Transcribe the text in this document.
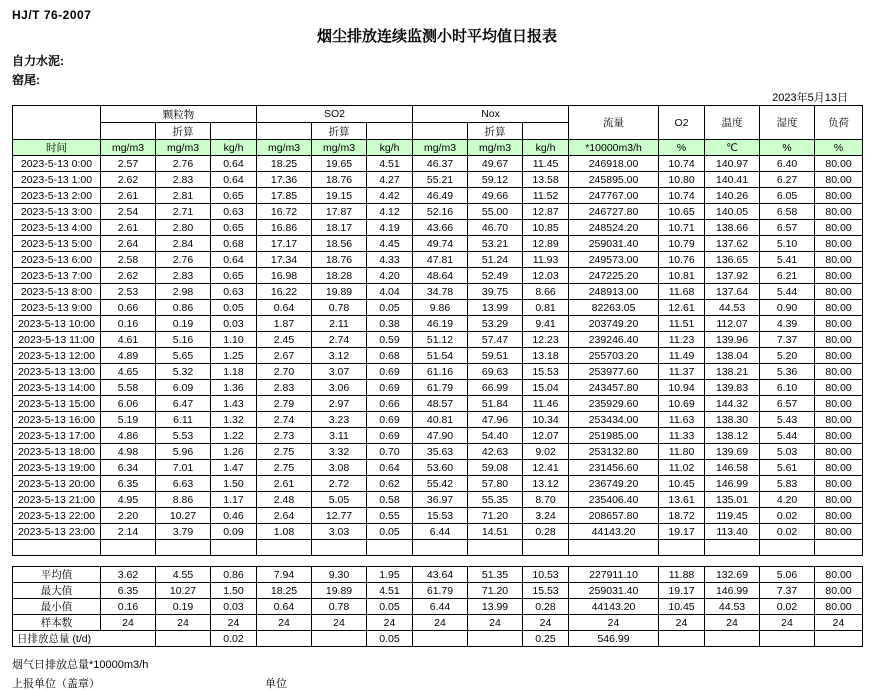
HJ/T 76-2007
烟尘排放连续监测小时平均值日报表
自力水泥:
窑尾:
2023年5月13日
	颗粒物			SO2			Nox			流量	O2	温度	湿度	负荷
		折算			折算			折算						
时间	mg/m3	mg/m3	kg/h	mg/m3	mg/m3	kg/h	mg/m3	mg/m3	kg/h	*10000m3/h	%	℃	%	%
2023-5-13 0:00	2.57	2.76	0.64	18.25	19.65	4.51	46.37	49.67	11.45	246918.00	10.74	140.97	6.40	80.00
2023-5-13 1:00	2.62	2.83	0.64	17.36	18.76	4.27	55.21	59.12	13.58	245895.00	10.80	140.41	6.27	80.00
2023-5-13 2:00	2.61	2.81	0.65	17.85	19.15	4.42	46.49	49.66	11.52	247767.00	10.74	140.26	6.05	80.00
2023-5-13 3:00	2.54	2.71	0.63	16.72	17.87	4.12	52.16	55.00	12.87	246727.80	10.65	140.05	6.58	80.00
2023-5-13 4:00	2.61	2.80	0.65	16.86	18.17	4.19	43.66	46.70	10.85	248524.20	10.71	138.66	6.57	80.00
2023-5-13 5:00	2.64	2.84	0.68	17.17	18.56	4.45	49.74	53.21	12.89	259031.40	10.79	137.62	5.10	80.00
2023-5-13 6:00	2.58	2.76	0.64	17.34	18.76	4.33	47.81	51.24	11.93	249573.00	10.76	136.65	5.41	80.00
2023-5-13 7:00	2.62	2.83	0.65	16.98	18.28	4.20	48.64	52.49	12.03	247225.20	10.81	137.92	6.21	80.00
2023-5-13 8:00	2.53	2.98	0.63	16.22	19.89	4.04	34.78	39.75	8.66	248913.00	11.68	137.64	5.44	80.00
2023-5-13 9:00	0.66	0.86	0.05	0.64	0.78	0.05	9.86	13.99	0.81	82263.05	12.61	44.53	0.90	80.00
2023-5-13 10:00	0.16	0.19	0.03	1.87	2.11	0.38	46.19	53.29	9.41	203749.20	11.51	112.07	4.39	80.00
2023-5-13 11:00	4.61	5.16	1.10	2.45	2.74	0.59	51.12	57.47	12.23	239246.40	11.23	139.96	7.37	80.00
2023-5-13 12:00	4.89	5.65	1.25	2.67	3.12	0.68	51.54	59.51	13.18	255703.20	11.49	138.04	5.20	80.00
2023-5-13 13:00	4.65	5.32	1.18	2.70	3.07	0.69	61.16	69.63	15.53	253977.60	11.37	138.21	5.36	80.00
2023-5-13 14:00	5.58	6.09	1.36	2.83	3.06	0.69	61.79	66.99	15.04	243457.80	10.94	139.83	6.10	80.00
2023-5-13 15:00	6.06	6.47	1.43	2.79	2.97	0.66	48.57	51.84	11.46	235929.60	10.69	144.32	6.57	80.00
2023-5-13 16:00	5.19	6.11	1.32	2.74	3.23	0.69	40.81	47.96	10.34	253434.00	11.63	138.30	5.43	80.00
2023-5-13 17:00	4.86	5.53	1.22	2.73	3.11	0.69	47.90	54.40	12.07	251985.00	11.33	138.12	5.44	80.00
2023-5-13 18:00	4.98	5.96	1.26	2.75	3.32	0.70	35.63	42.63	9.02	253132.80	11.80	139.69	5.03	80.00
2023-5-13 19:00	6.34	7.01	1.47	2.75	3.08	0.64	53.60	59.08	12.41	231456.60	11.02	146.58	5.61	80.00
2023-5-13 20:00	6.35	6.63	1.50	2.61	2.72	0.62	55.42	57.80	13.12	236749.20	10.45	146.99	5.83	80.00
2023-5-13 21:00	4.95	8.86	1.17	2.48	5.05	0.58	36.97	55.35	8.70	235406.40	13.61	135.01	4.20	80.00
2023-5-13 22:00	2.20	10.27	0.46	2.64	12.77	0.55	15.53	71.20	3.24	208657.80	18.72	119.45	0.02	80.00
2023-5-13 23:00	2.14	3.79	0.09	1.08	3.03	0.05	6.44	14.51	0.28	44143.20	19.17	113.40	0.02	80.00

平均值	3.62	4.55	0.86	7.94	9.30	1.95	43.64	51.35	10.53	227911.10	11.88	132.69	5.06	80.00
最大值	6.35	10.27	1.50	18.25	19.89	4.51	61.79	71.20	15.53	259031.40	19.17	146.99	7.37	80.00
最小值	0.16	0.19	0.03	0.64	0.78	0.05	6.44	13.99	0.28	44143.20	10.45	44.53	0.02	80.00
样本数	24	24	24	24	24	24	24	24	24	24	24	24	24	24
日排放总量 (t/d)			0.02			0.05			0.25	546.99				
烟气日排放总量*10000m3/h
上报单位（盖章）	单位
